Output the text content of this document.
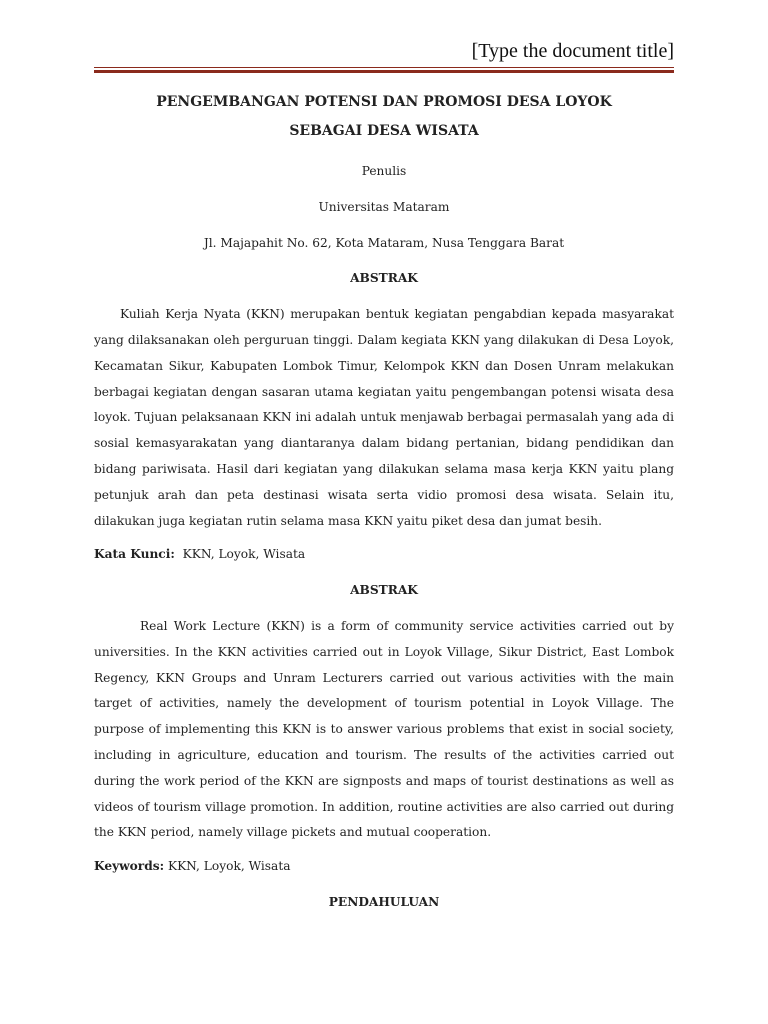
[Type the document title]

PENGEMBANGAN POTENSI DAN PROMOSI DESA LOYOK

SEBAGAI DESA WISATA

Penulis

Universitas Mataram

Jl. Majapahit No. 62, Kota Mataram, Nusa Tenggara Barat

ABSTRAK

Kuliah Kerja Nyata (KKN) merupakan bentuk kegiatan pengabdian kepada masyarakat yang dilaksanakan oleh perguruan tinggi. Dalam kegiata KKN yang dilakukan di Desa Loyok, Kecamatan Sikur, Kabupaten Lombok Timur, Kelompok KKN dan Dosen Unram melakukan berbagai kegiatan dengan sasaran utama kegiatan yaitu pengembangan potensi wisata desa loyok. Tujuan pelaksanaan KKN ini adalah untuk menjawab berbagai permasalah yang ada di sosial kemasyarakatan yang diantaranya dalam bidang pertanian, bidang pendidikan dan bidang pariwisata. Hasil dari kegiatan yang dilakukan selama masa kerja KKN yaitu plang petunjuk arah dan peta destinasi wisata serta vidio promosi desa wisata. Selain itu, dilakukan juga kegiatan rutin selama masa KKN yaitu piket desa dan jumat besih.

Kata Kunci: KKN, Loyok, Wisata

ABSTRAK

Real Work Lecture (KKN) is a form of community service activities carried out by universities. In the KKN activities carried out in Loyok Village, Sikur District, East Lombok Regency, KKN Groups and Unram Lecturers carried out various activities with the main target of activities, namely the development of tourism potential in Loyok Village. The purpose of implementing this KKN is to answer various problems that exist in social society, including in agriculture, education and tourism. The results of the activities carried out during the work period of the KKN are signposts and maps of tourist destinations as well as videos of tourism village promotion. In addition, routine activities are also carried out during the KKN period, namely village pickets and mutual cooperation.

Keywords: KKN, Loyok, Wisata

PENDAHULUAN
